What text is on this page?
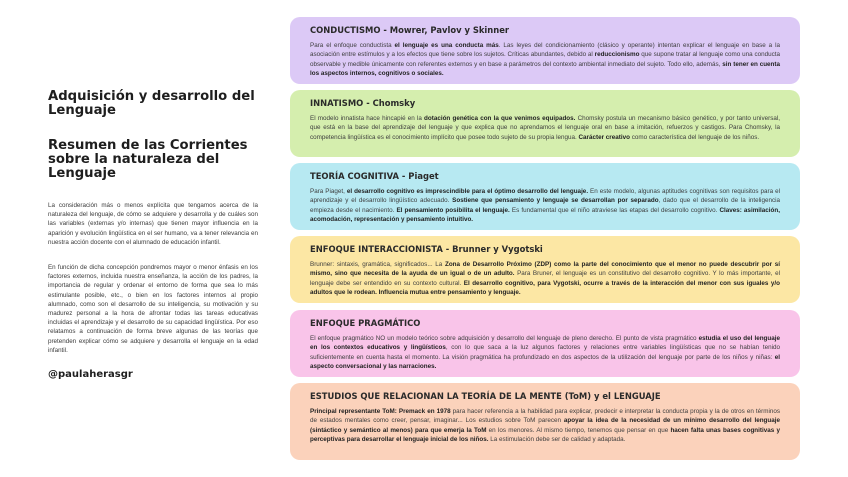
Adquisición y desarrollo del Lenguaje
Resumen de las Corrientes sobre la naturaleza del Lenguaje

La consideración más o menos explícita que tengamos acerca de la naturaleza del lenguaje, de cómo se adquiere y desarrolla y de cuáles son las variables (externas y/o internas) que tienen mayor influencia en la aparición y evolución lingüística en el ser humano, va a tener relevancia en nuestra acción docente con el alumnado de educación infantil.

En función de dicha concepción pondremos mayor o menor énfasis en los factores externos, incluida nuestra enseñanza, la acción de los padres, la importancia de regular y ordenar el entorno de forma que sea lo más estimulante posible, etc., o bien en los factores internos al propio alumnado, como son el desarrollo de su inteligencia, su motivación y su madurez personal a la hora de afrontar todas las tareas educativas incluidas el aprendizaje y el desarrollo de su capacidad lingüística. Por eso relatamos a continuación de forma breve algunas de las teorías que pretenden explicar cómo se adquiere y desarrolla el lenguaje en la edad infantil.

@paulaherasgr
CONDUCTISMO - Mowrer, Pavlov y Skinner
Para el enfoque conductista el lenguaje es una conducta más. Las leyes del condicionamiento (clásico y operante) intentan explicar el lenguaje en base a la asociación entre estímulos y a los efectos que tiene sobre los sujetos. Críticas abundantes, debido al reduccionismo que supone tratar al lenguaje como una conducta observable y medible únicamente con referentes externos y en base a parámetros del contexto ambiental inmediato del sujeto. Todo ello, además, sin tener en cuenta los aspectos internos, cognitivos o sociales.
INNATISMO - Chomsky
El modelo innatista hace hincapié en la dotación genética con la que venimos equipados. Chomsky postula un mecanismo básico genético, y por tanto universal, que está en la base del aprendizaje del lenguaje y que explica que no aprendamos el lenguaje oral en base a imitación, refuerzos y castigos. Para Chomsky, la competencia lingüística es el conocimiento implícito que posee todo sujeto de su propia lengua. Carácter creativo como característica del lenguaje de los niños.
TEORÍA COGNITIVA - Piaget
Para Piaget, el desarrollo cognitivo es imprescindible para el óptimo desarrollo del lenguaje. En este modelo, algunas aptitudes cognitivas son requisitos para el aprendizaje y el desarrollo lingüístico adecuado. Sostiene que pensamiento y lenguaje se desarrollan por separado, dado que el desarrollo de la inteligencia empieza desde el nacimiento. El pensamiento posibilita el lenguaje. Es fundamental que el niño atraviese las etapas del desarrollo cognitivo. Claves: asimilación, acomodación, representación y pensamiento intuitivo.
ENFOQUE INTERACCIONISTA - Brunner y Vygotski
Brunner: sintaxis, gramática, significados... La Zona de Desarrollo Próximo (ZDP) como la parte del conocimiento que el menor no puede descubrir por sí mismo, sino que necesita de la ayuda de un igual o de un adulto. Para Bruner, el lenguaje es un constitutivo del desarrollo cognitivo. Y lo más importante, el lenguaje debe ser entendido en su contexto cultural. El desarrollo cognitivo, para Vygotski, ocurre a través de la interacción del menor con sus iguales y/o adultos que le rodean. Influencia mutua entre pensamiento y lenguaje.
ENFOQUE PRAGMÁTICO
El enfoque pragmático NO un modelo teórico sobre adquisición y desarrollo del lenguaje de pleno derecho. El punto de vista pragmático estudia el uso del lenguaje en los contextos educativos y lingüísticos, con lo que saca a la luz algunos factores y relaciones entre variables lingüísticas que no se habían tenido suficientemente en cuenta hasta el momento. La visión pragmática ha profundizado en dos aspectos de la utilización del lenguaje por parte de los niños y niñas: el aspecto conversacional y las narraciones.
ESTUDIOS QUE RELACIONAN LA TEORÍA DE LA MENTE (ToM) y el LENGUAJE
Principal representante ToM: Premack en 1978 para hacer referencia a la habilidad para explicar, predecir e interpretar la conducta propia y la de otros en términos de estados mentales como creer, pensar, imaginar... Los estudios sobre ToM parecen apoyar la idea de la necesidad de un mínimo desarrollo del lenguaje (sintáctico y semántico al menos) para que emerja la ToM en los menores. Al mismo tiempo, tenemos que pensar en que hacen falta unas bases cognitivas y perceptivas para desarrollar el lenguaje inicial de los niños. La estimulación debe ser de calidad y adaptada.
